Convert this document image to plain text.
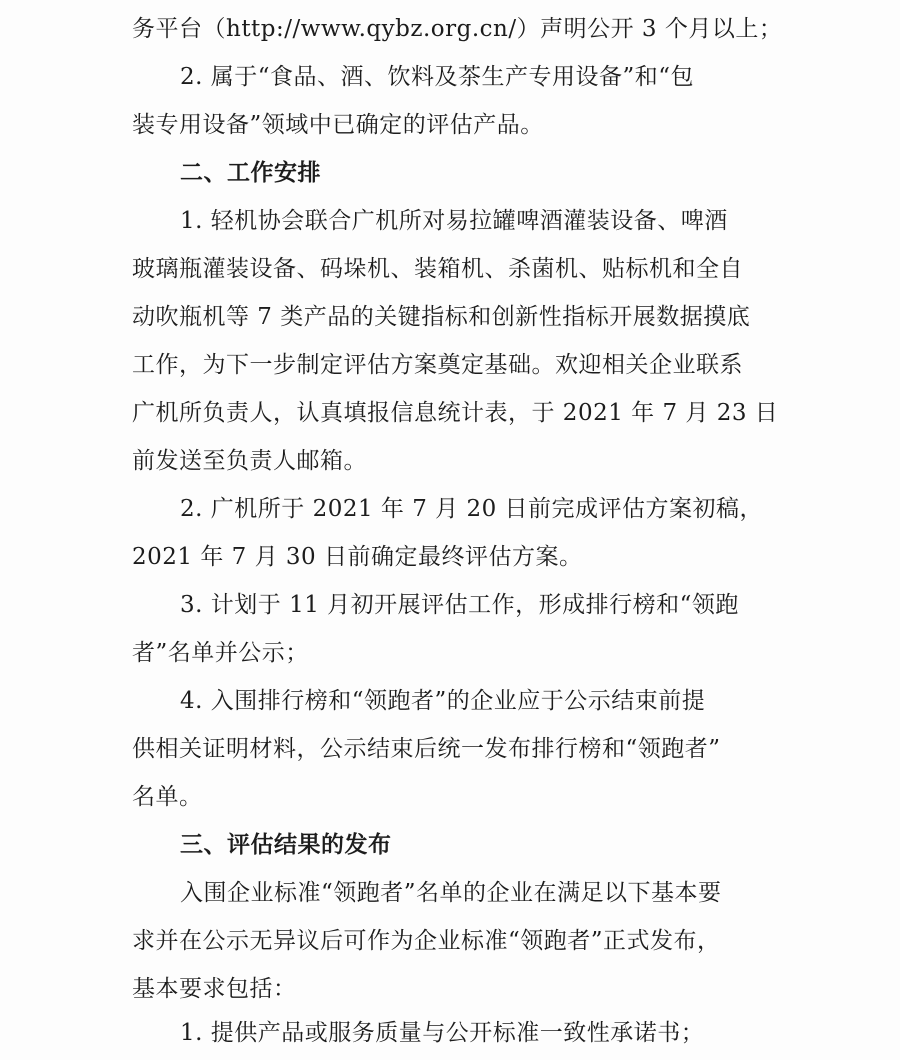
务平台（http://www.qybz.org.cn/）声明公开 3 个月以上；
2. 属于“食品、酒、饮料及茶生产专用设备”和“包
装专用设备”领域中已确定的评估产品。
二、工作安排
1. 轻机协会联合广机所对易拉罐啤酒灌装设备、啤酒
玻璃瓶灌装设备、码垛机、装箱机、杀菌机、贴标机和全自
动吹瓶机等 7 类产品的关键指标和创新性指标开展数据摸底
工作，为下一步制定评估方案奠定基础。欢迎相关企业联系
广机所负责人，认真填报信息统计表，于 2021 年 7 月 23 日
前发送至负责人邮箱。
2. 广机所于 2021 年 7 月 20 日前完成评估方案初稿，
2021 年 7 月 30 日前确定最终评估方案。
3. 计划于 11 月初开展评估工作，形成排行榜和“领跑
者”名单并公示；
4. 入围排行榜和“领跑者”的企业应于公示结束前提
供相关证明材料，公示结束后统一发布排行榜和“领跑者”
名单。
三、评估结果的发布
入围企业标准“领跑者”名单的企业在满足以下基本要
求并在公示无异议后可作为企业标准“领跑者”正式发布，
基本要求包括：
1. 提供产品或服务质量与公开标准一致性承诺书；
